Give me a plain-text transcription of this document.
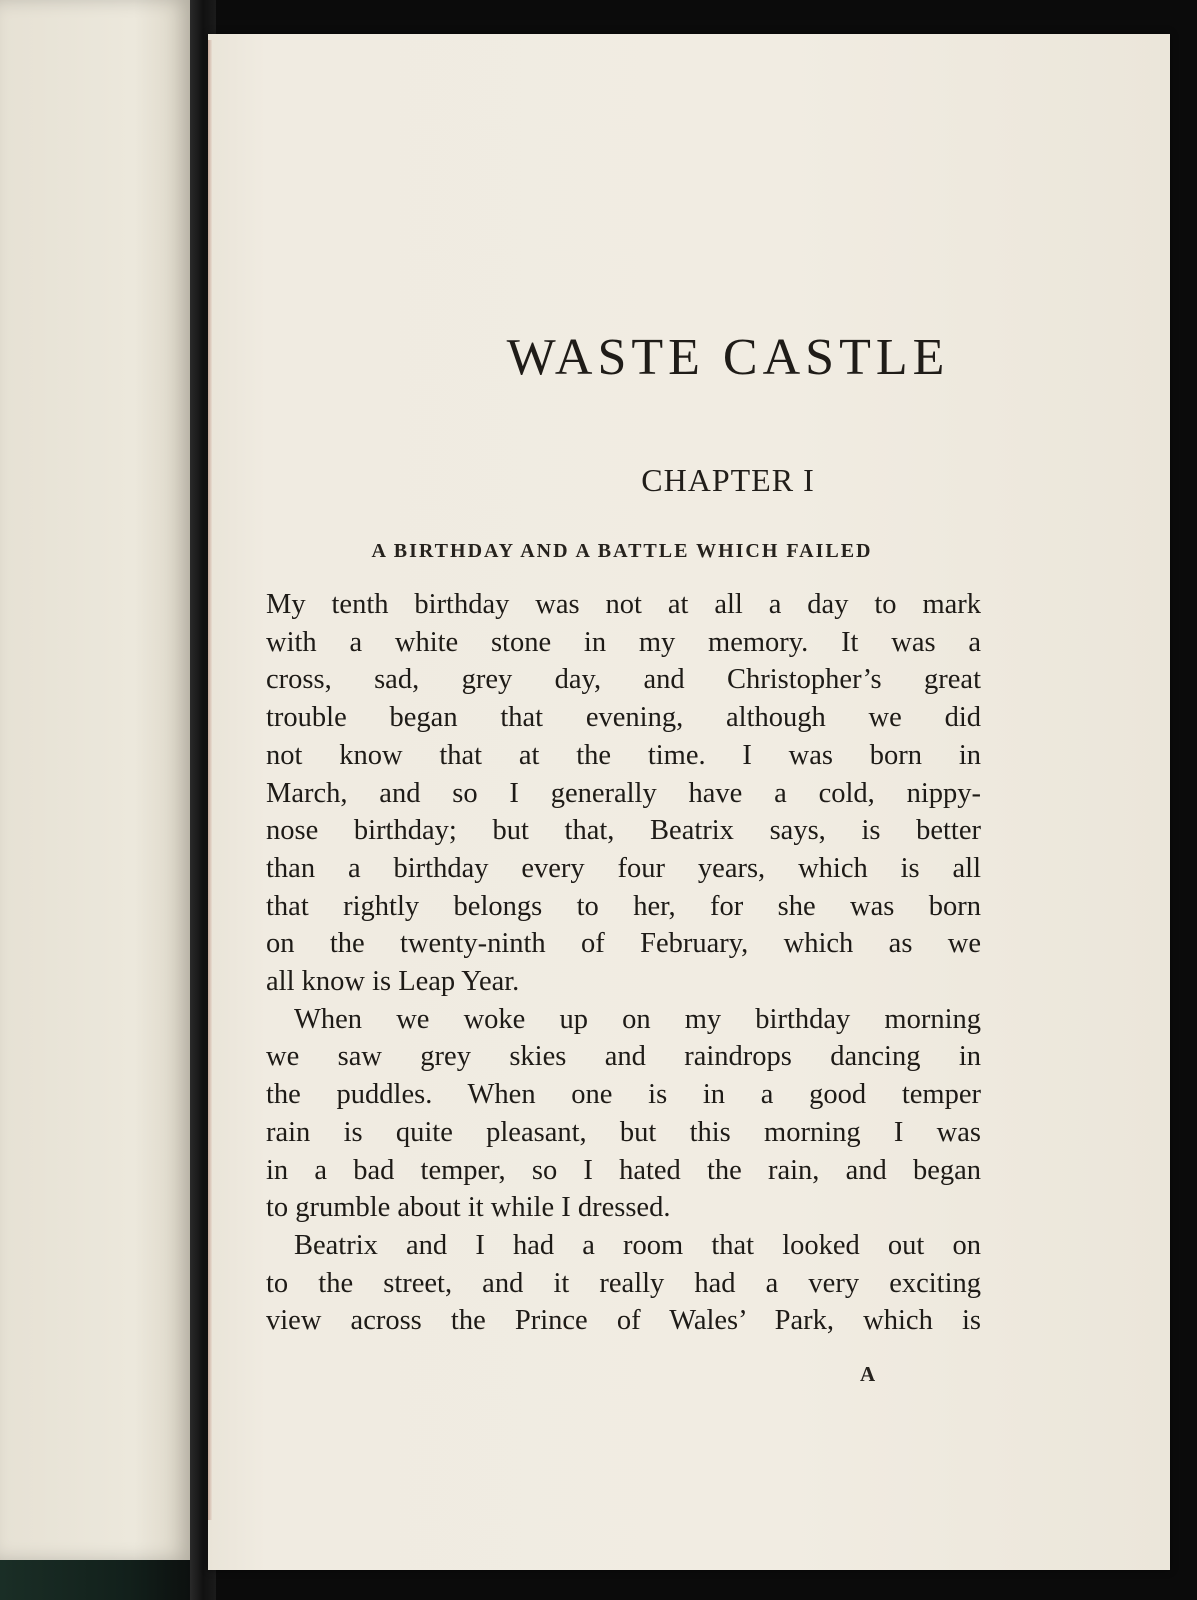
WASTE CASTLE
CHAPTER I
A BIRTHDAY AND A BATTLE WHICH FAILED
My tenth birthday was not at all a day to mark
with a white stone in my memory. It was a
cross, sad, grey day, and Christopher’s great
trouble began that evening, although we did
not know that at the time. I was born in
March, and so I generally have a cold, nippy-
nose birthday; but that, Beatrix says, is better
than a birthday every four years, which is all
that rightly belongs to her, for she was born
on the twenty-ninth of February, which as we
all know is Leap Year.
When we woke up on my birthday morning
we saw grey skies and raindrops dancing in
the puddles. When one is in a good temper
rain is quite pleasant, but this morning I was
in a bad temper, so I hated the rain, and began
to grumble about it while I dressed.
Beatrix and I had a room that looked out on
to the street, and it really had a very exciting
view across the Prince of Wales’ Park, which is
A
